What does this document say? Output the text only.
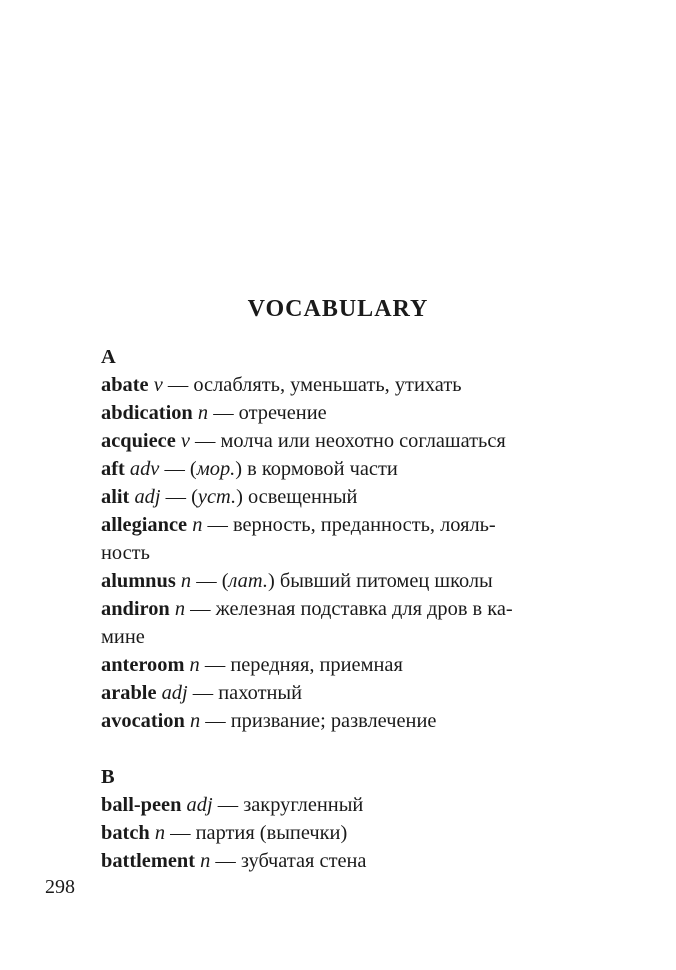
VOCABULARY
A
abate v — ослаблять, уменьшать, утихать
abdication n — отречение
acquiece v — молча или неохотно соглашаться
aft adv — (мор.) в кормовой части
alit adj — (уст.) освещенный
allegiance n — верность, преданность, лояль-
ность
alumnus n — (лат.) бывший питомец школы
andiron n — железная подставка для дров в ка-
мине
anteroom n — передняя, приемная
arable adj — пахотный
avocation n — призвание; развлечение
B
ball-peen adj — закругленный
batch n — партия (выпечки)
battlement n — зубчатая стена
298
